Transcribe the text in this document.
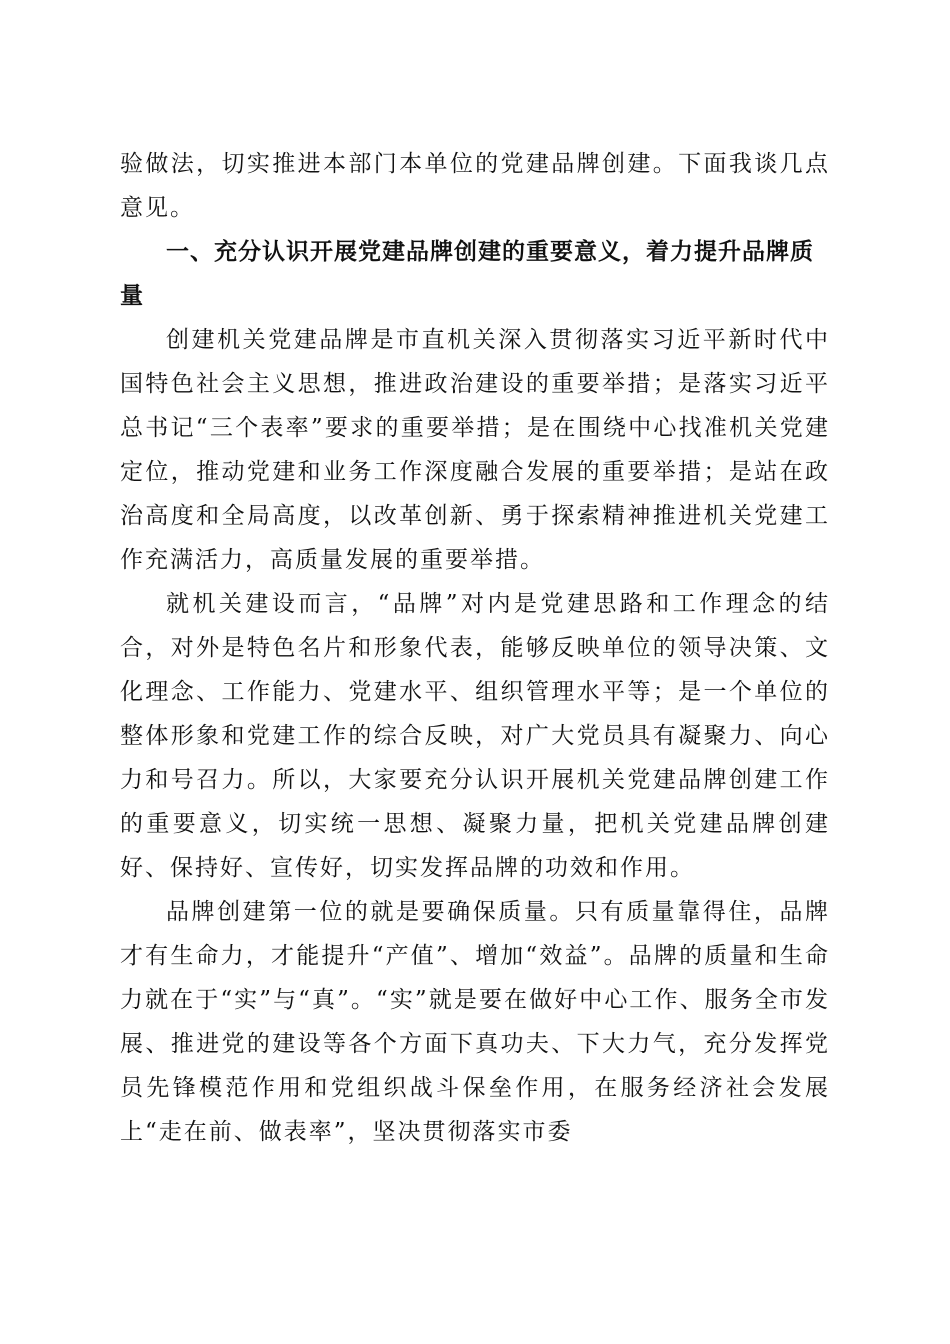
验做法，切实推进本部门本单位的党建品牌创建。下面我谈几点意见。

一、充分认识开展党建品牌创建的重要意义，着力提升品牌质量

创建机关党建品牌是市直机关深入贯彻落实习近平新时代中国特色社会主义思想，推进政治建设的重要举措；是落实习近平总书记“三个表率”要求的重要举措；是在围绕中心找准机关党建定位，推动党建和业务工作深度融合发展的重要举措；是站在政治高度和全局高度，以改革创新、勇于探索精神推进机关党建工作充满活力，高质量发展的重要举措。

就机关建设而言，“品牌”对内是党建思路和工作理念的结合，对外是特色名片和形象代表，能够反映单位的领导决策、文化理念、工作能力、党建水平、组织管理水平等；是一个单位的整体形象和党建工作的综合反映，对广大党员具有凝聚力、向心力和号召力。所以，大家要充分认识开展机关党建品牌创建工作的重要意义，切实统一思想、凝聚力量，把机关党建品牌创建好、保持好、宣传好，切实发挥品牌的功效和作用。

品牌创建第一位的就是要确保质量。只有质量靠得住，品牌才有生命力，才能提升“产值”、增加“效益”。品牌的质量和生命力就在于“实”与“真”。“实”就是要在做好中心工作、服务全市发展、推进党的建设等各个方面下真功夫、下大力气，充分发挥党员先锋模范作用和党组织战斗保垒作用，在服务经济社会发展上“走在前、做表率”，坚决贯彻落实市委
